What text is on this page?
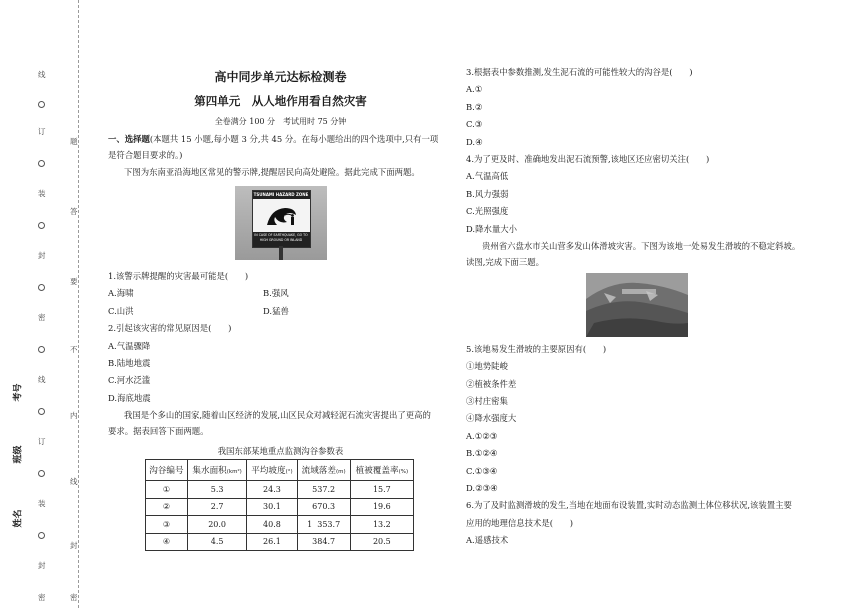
线
订
装
封
密
线
订
装
封
密
题
答
要
不
内
线
封
密
姓名
班级
考号
高中同步单元达标检测卷
第四单元　从人地作用看自然灾害
全卷满分 100 分　考试用时 75 分钟
一、选择题(本题共 15 小题,每小题 3 分,共 45 分。在每小题给出的四个选项中,只有一项
是符合题目要求的。)
下图为东南亚沿海地区常见的警示牌,提醒居民向高处避险。据此完成下面两题。
TSUNAMI HAZARD ZONE
IN CASE OF EARTHQUAKE, GO TO HIGH GROUND OR INLAND
1.该警示牌提醒的灾害最可能是(　　)
A.海啸	B.强风
C.山洪	D.猛兽
2.引起该灾害的常见原因是(　　)
A.气温骤降
B.陆地地震
C.河水泛滥
D.海底地震
我国是个多山的国家,随着山区经济的发展,山区民众对减轻泥石流灾害提出了更高的
要求。据表回答下面两题。
我国东部某地重点监测沟谷参数表
沟谷编号	集水面积(km²)	平均坡度(°)	流域落差(m)	植被覆盖率(%)
①	5.3	24.3	537.2	15.7
②	2.7	30.1	670.3	19.6
③	20.0	40.8	1  353.7	13.2
④	4.5	26.1	384.7	20.5
3.根据表中参数推测,发生泥石流的可能性较大的沟谷是(　　)
A.①
B.②
C.③
D.④
4.为了更及时、准确地发出泥石流预警,该地区还应密切关注(　　)
A.气温高低
B.风力强弱
C.光照强度
D.降水量大小
贵州省六盘水市关山营多发山体滑坡灾害。下图为该地一处易发生滑坡的不稳定斜坡。
读图,完成下面三题。
5.该地易发生滑坡的主要原因有(　　)
①地势陡峻
②植被条件差
③村庄密集
④降水强度大
A.①②③
B.①②④
C.①③④
D.②③④
6.为了及时监测滑坡的发生,当地在地面布设装置,实时动态监测土体位移状况,该装置主要
应用的地理信息技术是(　　)
A.遥感技术
